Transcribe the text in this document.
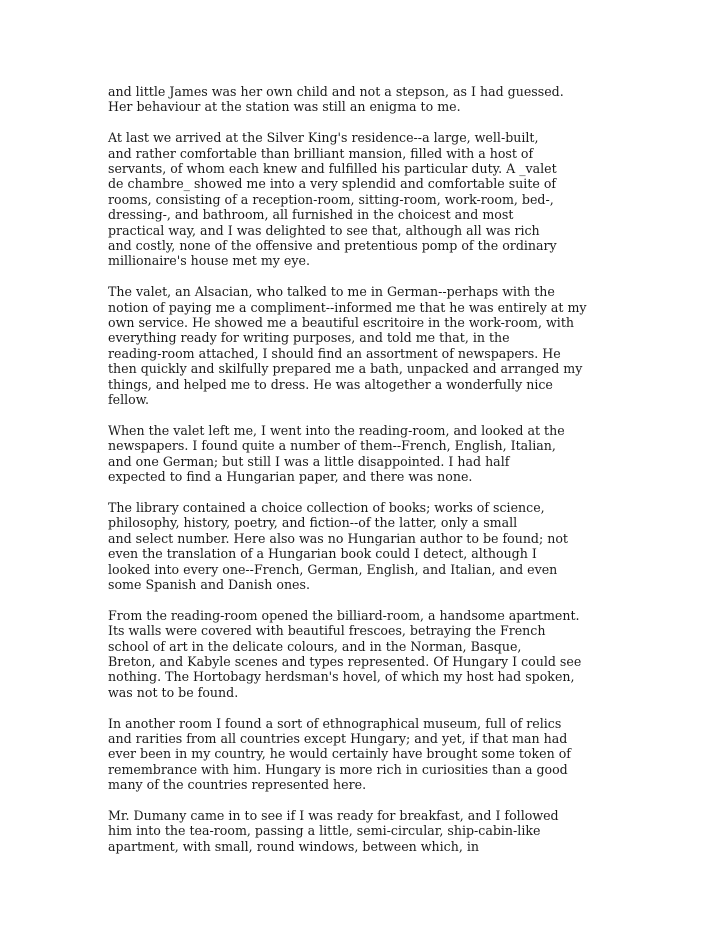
and little James was her own child and not a stepson, as I had guessed.
Her behaviour at the station was still an enigma to me.

At last we arrived at the Silver King's residence--a large, well-built,
and rather comfortable than brilliant mansion, filled with a host of
servants, of whom each knew and fulfilled his particular duty. A _valet
de chambre_ showed me into a very splendid and comfortable suite of
rooms, consisting of a reception-room, sitting-room, work-room, bed-,
dressing-, and bathroom, all furnished in the choicest and most
practical way, and I was delighted to see that, although all was rich
and costly, none of the offensive and pretentious pomp of the ordinary
millionaire's house met my eye.

The valet, an Alsacian, who talked to me in German--perhaps with the
notion of paying me a compliment--informed me that he was entirely at my
own service. He showed me a beautiful escritoire in the work-room, with
everything ready for writing purposes, and told me that, in the
reading-room attached, I should find an assortment of newspapers. He
then quickly and skilfully prepared me a bath, unpacked and arranged my
things, and helped me to dress. He was altogether a wonderfully nice
fellow.

When the valet left me, I went into the reading-room, and looked at the
newspapers. I found quite a number of them--French, English, Italian,
and one German; but still I was a little disappointed. I had half
expected to find a Hungarian paper, and there was none.

The library contained a choice collection of books; works of science,
philosophy, history, poetry, and fiction--of the latter, only a small
and select number. Here also was no Hungarian author to be found; not
even the translation of a Hungarian book could I detect, although I
looked into every one--French, German, English, and Italian, and even
some Spanish and Danish ones.

From the reading-room opened the billiard-room, a handsome apartment.
Its walls were covered with beautiful frescoes, betraying the French
school of art in the delicate colours, and in the Norman, Basque,
Breton, and Kabyle scenes and types represented. Of Hungary I could see
nothing. The Hortobagy herdsman's hovel, of which my host had spoken,
was not to be found.

In another room I found a sort of ethnographical museum, full of relics
and rarities from all countries except Hungary; and yet, if that man had
ever been in my country, he would certainly have brought some token of
remembrance with him. Hungary is more rich in curiosities than a good
many of the countries represented here.

Mr. Dumany came in to see if I was ready for breakfast, and I followed
him into the tea-room, passing a little, semi-circular, ship-cabin-like
apartment, with small, round windows, between which, in
